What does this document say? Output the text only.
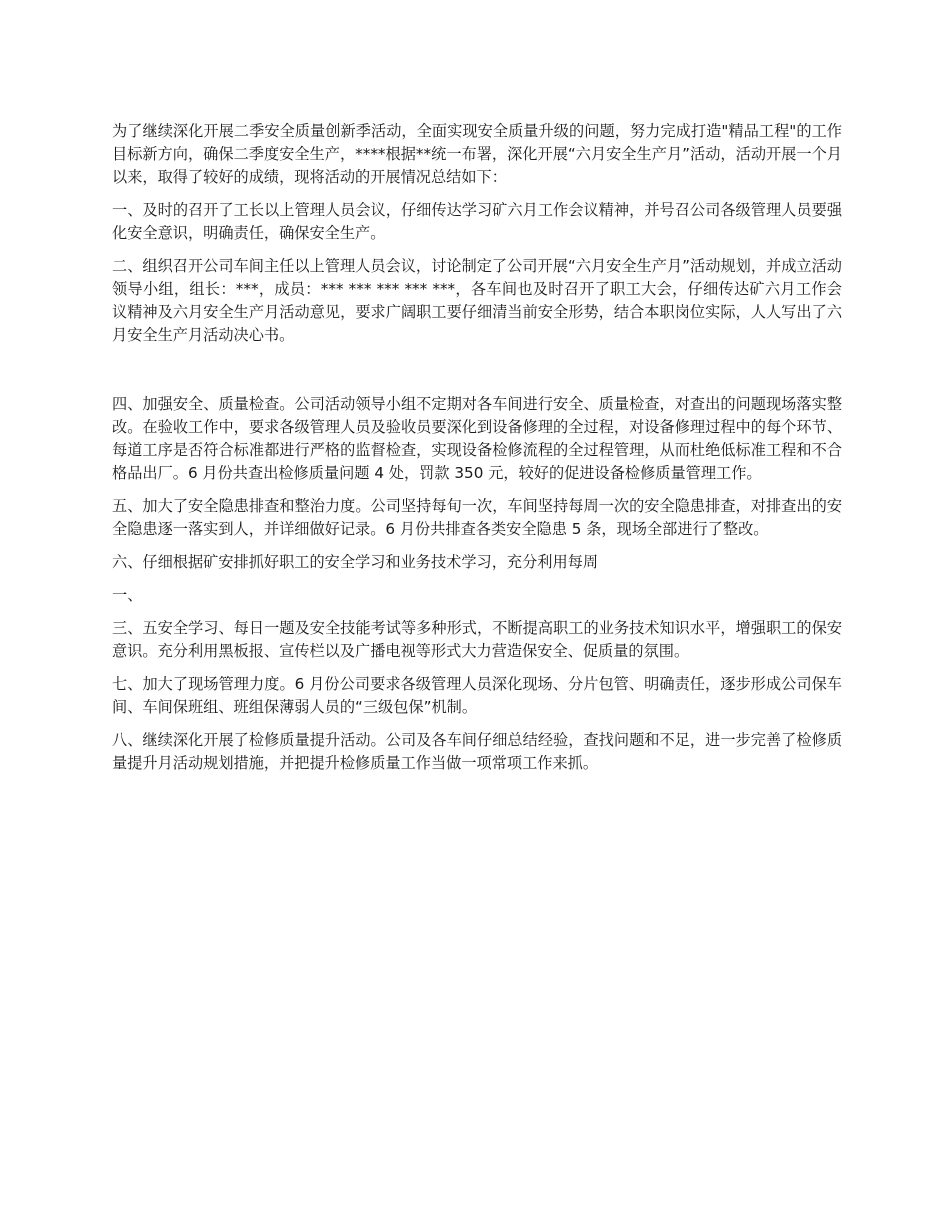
为了继续深化开展二季安全质量创新季活动，全面实现安全质量升级的问题，努力完成打造"精品工程"的工作目标新方向，确保二季度安全生产，****根据**统一布署，深化开展“六月安全生产月”活动，活动开展一个月以来，取得了较好的成绩，现将活动的开展情况总结如下：

一、及时的召开了工长以上管理人员会议，仔细传达学习矿六月工作会议精神，并号召公司各级管理人员要强化安全意识，明确责任，确保安全生产。

二、组织召开公司车间主任以上管理人员会议，讨论制定了公司开展“六月安全生产月”活动规划，并成立活动领导小组，组长：***，成员：*** *** *** *** ***，各车间也及时召开了职工大会，仔细传达矿六月工作会议精神及六月安全生产月活动意见，要求广阔职工要仔细清当前安全形势，结合本职岗位实际，人人写出了六月安全生产月活动决心书。

四、加强安全、质量检查。公司活动领导小组不定期对各车间进行安全、质量检查，对查出的问题现场落实整改。在验收工作中，要求各级管理人员及验收员要深化到设备修理的全过程，对设备修理过程中的每个环节、每道工序是否符合标准都进行严格的监督检查，实现设备检修流程的全过程管理，从而杜绝低标准工程和不合格品出厂。6 月份共查出检修质量问题 4 处，罚款 350 元，较好的促进设备检修质量管理工作。

五、加大了安全隐患排查和整治力度。公司坚持每旬一次，车间坚持每周一次的安全隐患排查，对排查出的安全隐患逐一落实到人，并详细做好记录。6 月份共排查各类安全隐患 5 条，现场全部进行了整改。

六、仔细根据矿安排抓好职工的安全学习和业务技术学习，充分利用每周

一、

三、五安全学习、每日一题及安全技能考试等多种形式，不断提高职工的业务技术知识水平，增强职工的保安意识。充分利用黑板报、宣传栏以及广播电视等形式大力营造保安全、促质量的氛围。

七、加大了现场管理力度。6 月份公司要求各级管理人员深化现场、分片包管、明确责任，逐步形成公司保车间、车间保班组、班组保薄弱人员的“三级包保”机制。

八、继续深化开展了检修质量提升活动。公司及各车间仔细总结经验，查找问题和不足，进一步完善了检修质量提升月活动规划措施，并把提升检修质量工作当做一项常项工作来抓。
